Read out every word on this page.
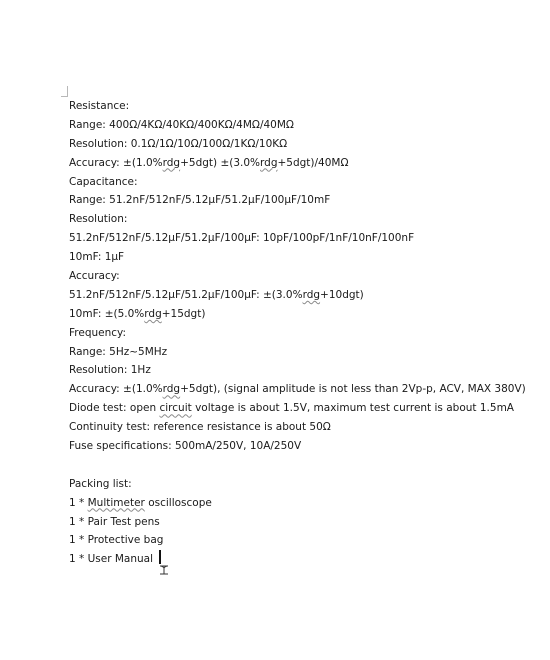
Resistance:
Range: 400Ω/4KΩ/40KΩ/400KΩ/4MΩ/40MΩ
Resolution: 0.1Ω/1Ω/10Ω/100Ω/1KΩ/10KΩ
Accuracy: ±(1.0%rdg+5dgt) ±(3.0%rdg+5dgt)/40MΩ
Capacitance:
Range: 51.2nF/512nF/5.12μF/51.2μF/100μF/10mF
Resolution:
51.2nF/512nF/5.12μF/51.2μF/100μF: 10pF/100pF/1nF/10nF/100nF
10mF: 1μF
Accuracy:
51.2nF/512nF/5.12μF/51.2μF/100μF: ±(3.0%rdg+10dgt)
10mF: ±(5.0%rdg+15dgt)
Frequency:
Range: 5Hz~5MHz
Resolution: 1Hz
Accuracy: ±(1.0%rdg+5dgt), (signal amplitude is not less than 2Vp-p, ACV, MAX 380V)
Diode test: open circuit voltage is about 1.5V, maximum test current is about 1.5mA
Continuity test: reference resistance is about 50Ω
Fuse specifications: 500mA/250V, 10A/250V
Packing list:
1 * Multimeter oscilloscope
1 * Pair Test pens
1 * Protective bag
1 * User Manual
